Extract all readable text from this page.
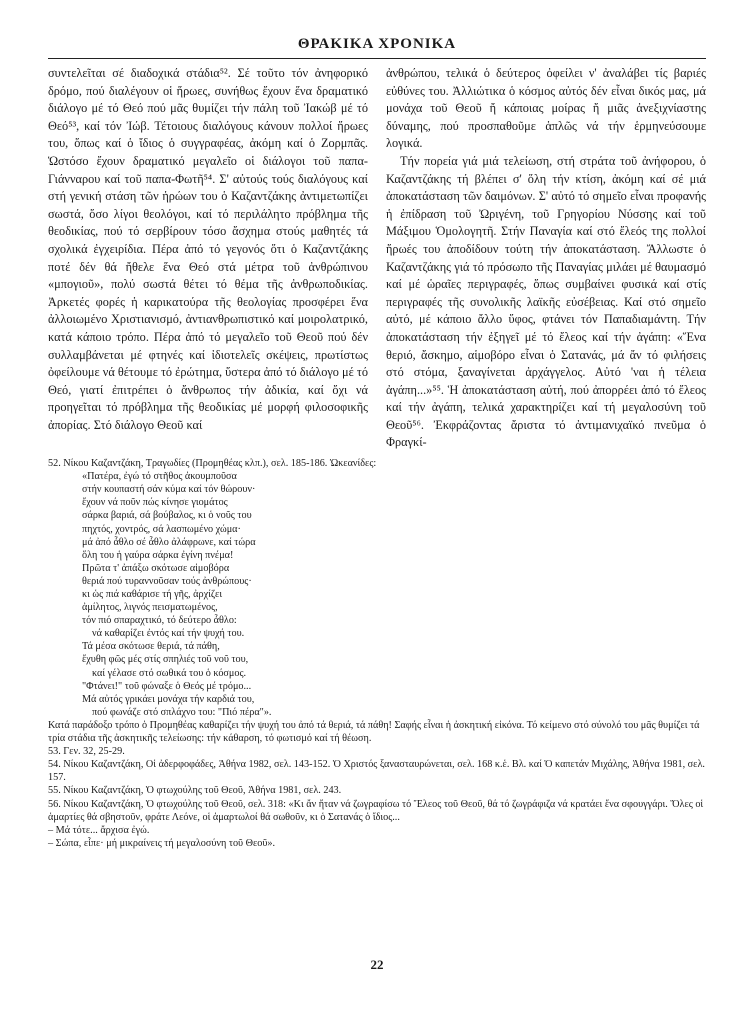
ΘΡΑΚΙΚΑ ΧΡΟΝΙΚΑ

συντελεῖται σέ διαδοχικά στάδια⁵². Σέ τοῦτο τόν ἀνηφορικό δρόμο, πού διαλέγουν οἱ ἥρωες, συνήθως ἔχουν ἕνα δραματικό διάλογο μέ τό Θεό πού μᾶς θυμίζει τήν πάλη τοῦ Ἰακώβ μέ τό Θεό⁵³, καί τόν Ἰώβ. Τέτοιους διαλόγους κάνουν πολλοί ἥρωες του, ὅπως καί ὁ ἴδιος ὁ συγγραφέας, ἀκόμη καί ὁ Ζορμπᾶς. Ὡστόσο ἔχουν δραματικό μεγαλεῖο οἱ διάλογοι τοῦ παπα-Γιάνναρου καί τοῦ παπα-Φωτῆ⁵⁴. Σ' αὐτούς τούς διαλόγους καί στή γενική στάση τῶν ἡρώων του ὁ Καζαντζάκης ἀντιμετωπίζει σωστά, ὅσο λίγοι θεολόγοι, καί τό περιλάλητο πρόβλημα τῆς θεοδικίας, πού τό σερβίρουν τόσο ἄσχημα στούς μαθητές τά σχολικά ἐγχειρίδια. Πέρα ἀπό τό γεγονός ὅτι ὁ Καζαντζάκης ποτέ δέν θά ἤθελε ἕνα Θεό στά μέτρα τοῦ ἀνθρώπινου «μπογιοῦ», πολύ σωστά θέτει τό θέμα τῆς ἀνθρωποδικίας. Ἀρκετές φορές ἡ καρικατούρα τῆς θεολογίας προσφέρει ἕνα ἀλλοιωμένο Χριστιανισμό, ἀντιανθρωπιστικό καί μοιρολατρικό, κατά κάποιο τρόπο. Πέρα ἀπό τό μεγαλεῖο τοῦ Θεοῦ πού δέν συλλαμβάνεται μέ φτηνές καί ἰδιοτελεῖς σκέψεις, πρωτίστως ὀφείλουμε νά θέτουμε τό ἐρώτημα, ὕστερα ἀπό τό διάλογο μέ τό Θεό, γιατί ἐπιτρέπει ὁ ἄνθρωπος τήν ἀδικία, καί ὄχι νά προηγεῖται τό πρόβλημα τῆς θεοδικίας μέ μορφή φιλοσοφικῆς ἀπορίας. Στό διάλογο Θεοῦ καί

ἀνθρώπου, τελικά ὁ δεύτερος ὀφείλει ν' ἀναλάβει τίς βαριές εὐθύνες του. Ἀλλιώτικα ὁ κόσμος αὐτός δέν εἶναι δικός μας, μά μονάχα τοῦ Θεοῦ ἤ κάποιας μοίρας ἤ μιᾶς ἀνεξιχνίαστης δύναμης, πού προσπαθοῦμε ἁπλῶς νά τήν ἑρμηνεύσουμε λογικά.

Τήν πορεία γιά μιά τελείωση, στή στράτα τοῦ ἀνήφορου, ὁ Καζαντζάκης τή βλέπει σ' ὅλη τήν κτίση, ἀκόμη καί σέ μιά ἀποκατάσταση τῶν δαιμόνων. Σ' αὐτό τό σημεῖο εἶναι προφανής ἡ ἐπίδραση τοῦ Ὠριγένη, τοῦ Γρηγορίου Νύσσης καί τοῦ Μάξιμου Ὁμολογητῆ. Στήν Παναγία καί στό ἔλεός της πολλοί ἥρωές του ἀποδίδουν τούτη τήν ἀποκατάσταση. Ἄλλωστε ὁ Καζαντζάκης γιά τό πρόσωπο τῆς Παναγίας μιλάει μέ θαυμασμό καί μέ ὡραῖες περιγραφές, ὅπως συμβαίνει φυσικά καί στίς περιγραφές τῆς συνολικῆς λαϊκῆς εὐσέβειας. Καί στό σημεῖο αὐτό, μέ κάποιο ἄλλο ὕφος, φτάνει τόν Παπαδιαμάντη. Τήν ἀποκατάσταση τήν ἐξηγεῖ μέ τό ἔλεος καί τήν ἀγάπη: «Ἕνα θεριό, ἄσκημο, αἱμοβόρο εἶναι ὁ Σατανάς, μά ἄν τό φιλήσεις στό στόμα, ξαναγίνεται ἀρχάγγελος. Αὐτό 'ναι ἡ τέλεια ἀγάπη...»⁵⁵. Ἡ ἀποκατάσταση αὐτή, πού ἀπορρέει ἀπό τό ἔλεος καί τήν ἀγάπη, τελικά χαρακτηρίζει καί τή μεγαλοσύνη τοῦ Θεοῦ⁵⁶. Ἐκφράζοντας ἄριστα τό ἀντιμανιχαϊκό πνεῦμα ὁ Φραγκί-

52. Νίκου Καζαντζάκη, Τραγωδίες (Προμηθέας κλπ.), σελ. 185-186. Ὠκεανίδες:

«Πατέρα, ἐγώ τό στῆθος ἀκουμποῦσα
στήν κουπαστή σάν κύμα καί τόν θώρουν·
ἔχουν νά ποῦν πώς κίνησε γιομάτος
σάρκα βαριά, σά βούβαλος, κι ὁ νοῦς του
πηχτός, χοντρός, σά λασπωμένο χώμα·
μά ἀπό ἆθλο σέ ἆθλο ἀλάφρωνε, καί τώρα
ὅλη του ἡ γαύρα σάρκα ἐγίνη πνέμα!
Πρῶτα τ' ἀπάξω σκότωσε αἱμοβόρα
θεριά πού τυραννοῦσαν τούς ἀνθρώπους·
κι ὡς πιά καθάρισε τή γῆς, ἀρχίζει
ἀμίλητος, λιγνός πεισματωμένος,
τόν πιό σπαραχτικό, τό δεύτερο ἆθλο:
νά καθαρίζει ἐντός καί τήν ψυχή του.
Τά μέσα σκότωσε θεριά, τά πάθη,
ἔχυθη φῶς μές στίς σπηλιές τοῦ νοῦ του,
καί γέλασε στό σωθικά του ὁ κόσμος.
"Φτάνει!" τοῦ φώναξε ὁ Θεός μέ τρόμο...
Μά αὐτός γρικάει μονάχα τήν καρδιά του,
πού φωνάζε στό σπλάχνο του: "Πιό πέρα"».

Κατά παράδοξο τρόπο ὁ Προμηθέας καθαρίζει τήν ψυχή του ἀπό τά θεριά, τά πάθη! Σαφής εἶναι ἡ ἀσκητική εἰκόνα. Τό κείμενο στό σύνολό του μᾶς θυμίζει τά τρία στάδια τῆς ἀσκητικῆς τελείωσης: τήν κάθαρση, τό φωτισμό καί τή θέωση.

53. Γεν. 32, 25-29.

54. Νίκου Καζαντζάκη, Οἱ ἀδερφοφάδες, Ἀθήνα 1982, σελ. 143-152. Ὁ Χριστός ξανασταυρώνεται, σελ. 168 κ.ἑ. Βλ. καί Ὁ καπετάν Μιχάλης, Ἀθήνα 1981, σελ. 157.

55. Νίκου Καζαντζάκη, Ὁ φτωχούλης τοῦ Θεοῦ, Ἀθήνα 1981, σελ. 243.

56. Νίκου Καζαντζάκη, Ὁ φτωχούλης τοῦ Θεοῦ, σελ. 318: «Κι ἄν ἤταν νά ζωγραφίσω τό Ἔλεος τοῦ Θεοῦ, θά τό ζωγράφιζα νά κρατάει ἕνα σφουγγάρι. Ὅλες οἱ ἁμαρτίες θά σβηστοῦν, φράτε Λεόνε, οἱ ἁμαρτωλοί θά σωθοῦν, κι ὁ Σατανάς ὁ ἴδιος...

– Μά τότε... ἄρχισα ἐγώ.

– Σώπα, εἶπε· μή μικραίνεις τή μεγαλοσύνη τοῦ Θεοῦ».

22
